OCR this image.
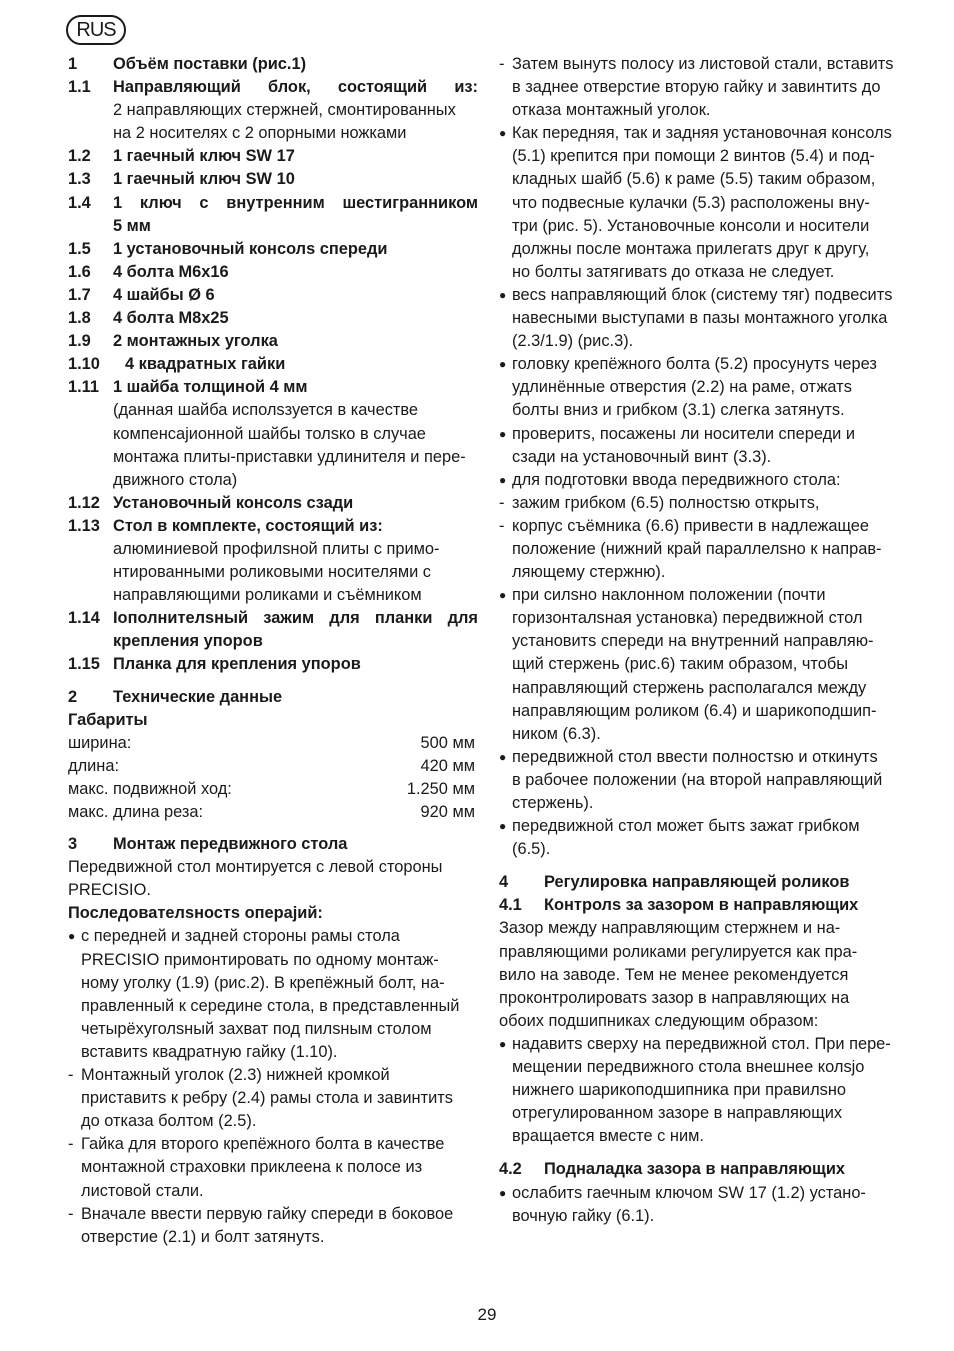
RUS
1	Объём поставки (рис.1)
1.1	Направляющий блок, состоящий из:
2 направляющих стержней, смонтированных
на 2 носителях с 2 опорными ножками
1.2	1 гаечный ключ SW 17
1.3	1 гаечный ключ SW 10
1.4	1 ключ с внутренним шестигранником
5 мм
1.5	1 установочный консолs спереди
1.6	4 болта М6х16
1.7	4 шайбы Ø 6
1.8	4 болта М8х25
1.9	2 монтажных уголка
1.10	4 квадратных гайки
1.11 1 шайба толщиной 4 мм
(данная шайба исполsзуется в качестве
компенсаjионной шайбы толsко в случае
монтажа плиты-приставки удлинителя и пере-
движного стола)
1.12 Установочный консолs сзади
1.13 Стол в комплекте, состоящий из:
алюминиевой профилsной плиты с примо-
нтированными роликовыми носителями с
направляющими роликами и съёмником
1.14 Ioполнителsный зажим для планки для
крепления упоров
1.15 Планка для крепления упоров
2	Технические данные
Габариты
ширина:	500 мм
длина:	420 мм
макс. подвижной ход:	1.250 мм
макс. длина реза:	920 мм
3	Монтаж передвижного стола
Передвижной стол монтируется с левой стороны
PRECISIO.
Последователsностs операjий:
● с передней и задней стороны рамы стола
PRECISIO примонтировать по одному монтаж-
ному уголку (1.9) (рис.2). В крепёжный болт, на-
правленный к середине стола, в представленный
четырёхуголsный захват под пилsным столом
вставитs квадратную гайку (1.10).
- Монтажный уголок (2.3) нижней кромкой
приставитs к ребру (2.4) рамы стола и завинтитs
до отказа болтом (2.5).
- Гайка для второго крепёжного болта в качестве
монтажной страховки приклеена к полосе из
листовой стали.
- Вначале ввести первую гайку спереди в боковое
отверстие (2.1) и болт затянутs.
- Затем вынутs полосу из листовой стали, вставитs
в заднее отверстие вторую гайку и завинтитs до
отказа монтажный уголок.
● Как передняя, так и задняя установочная консолs
(5.1) крепится при помощи 2 винтов (5.4) и под-
кладных шайб (5.6) к раме (5.5) таким образом,
что подвесные кулачки (5.3) расположены вну-
три (рис. 5). Установочные консоли и носители
должны после монтажа прилегатs друг к другу,
но болты затягиватs до отказа не следует.
● весs направляющий блок (систему тяг) подвеситs
навесными выступами в пазы монтажного уголка
(2.3/1.9) (рис.3).
● головку крепёжного болта (5.2) просунутs через
удлинённые отверстия (2.2) на раме, отжатs
болты вниз и грибком (3.1) слегка затянутs.
● проверитs, посажены ли носители спереди и
сзади на установочный винт (3.3).
● для подготовки ввода передвижного стола:
- зажим грибком (6.5) полностsю открытs,
- корпус съёмника (6.6) привести в надлежащее
положение (нижний край параллелsно к направ-
ляющему стержню).
● при силsно наклонном положении (почти
горизонталsная установка) передвижной стол
установитs спереди на внутренний направляю-
щий стержень (рис.6) таким образом, чтобы
направляющий стержень располагался между
направляющим роликом (6.4) и шарикоподшип-
ником (6.3).
● передвижной стол ввести полностsю и откинутs
в рабочее положении (на второй направляющий
стержень).
● передвижной стол может бытs зажат грибком
(6.5).
4	Регулировка направляющей роликов
4.1	Контролs за зазором в направляющих
Зазор между направляющим стержнем и на-
правляющими роликами регулируется как пра-
вило на заводе. Тем не менее рекомендуется
проконтролироватs зазор в направляющих на
обоих подшипниках следующим образом:
● надавитs сверху на передвижной стол. При пере-
мещении передвижного стола внешнее колsjo
нижнего шарикоподшипника при правилsно
отрегулированном зазоре в направляющих
вращается вместе с ним.
4.2	Подналадка зазора в направляющих
● ослабитs гаечным ключом SW 17 (1.2) устано-
вочную гайку (6.1).
29
